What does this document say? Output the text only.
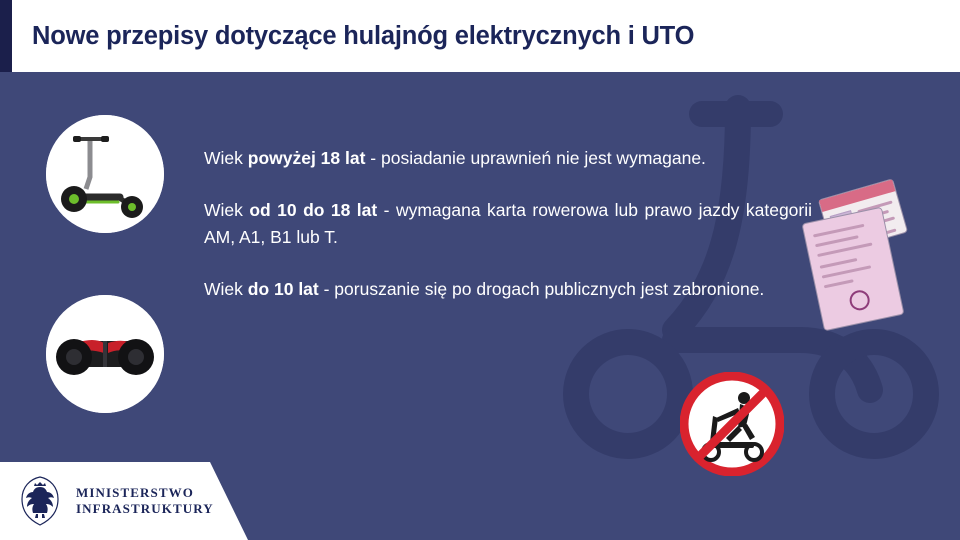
Nowe przepisy dotyczące hulajnóg elektrycznych i UTO

Wiek powyżej 18 lat - posiadanie uprawnień nie jest wymagane.

Wiek od 10 do 18 lat - wymagana karta rowerowa lub prawo jazdy kategorii AM, A1, B1 lub T.

Wiek do 10 lat - poruszanie się po drogach publicznych jest zabronione.

MINISTERSTWO
INFRASTRUKTURY
